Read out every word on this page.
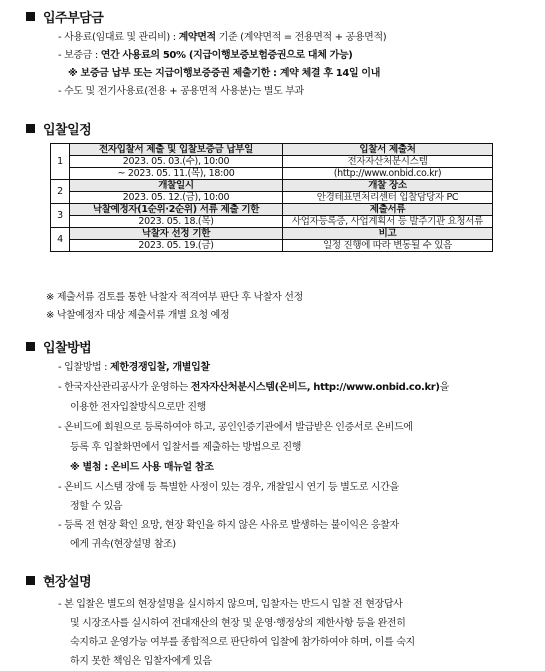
입주부담금
- 사용료(임대료 및 관리비) : 계약면적 기준 (계약면적 = 전용면적 + 공용면적)
- 보증금 : 연간 사용료의 50% (지급이행보증보험증권으로 대체 가능)
※ 보증금 납부 또는 지급이행보증증권 제출기한 : 계약 체결 후 14일 이내
- 수도 및 전기사용료(전용 + 공용면적 사용분)는 별도 부과
입찰일정
1	전자입찰서 제출 및 입찰보증금 납부일	입찰서 제출처
	2023. 05. 03.(수), 10:00	전자자산처분시스템
	~ 2023. 05. 11.(목), 18:00	(http://www.onbid.co.kr)
2	개찰일시	개찰 장소
	2023. 05. 12.(금), 10:00	안경테표면처리센터 입찰담당자 PC
3	낙찰예정자(1순위·2순위) 서류 제출 기한	제출서류
	2023. 05. 18.(목)	사업자등록증, 사업계획서 등 발주기관 요청서류
4	낙찰자 선정 기한	비고
	2023. 05. 19.(금)	일정 진행에 따라 변동될 수 있음
※ 제출서류 검토를 통한 낙찰자 적격여부 판단 후 낙찰자 선정
※ 낙찰예정자 대상 제출서류 개별 요청 예정
입찰방법
- 입찰방법 : 제한경쟁입찰, 개별입찰
- 한국자산관리공사가 운영하는 전자자산처분시스템(온비드, http://www.onbid.co.kr)을
이용한 전자입찰방식으로만 진행
- 온비드에 회원으로 등록하여야 하고, 공인인증기관에서 발급받은 인증서로 온비드에
등록 후 입찰화면에서 입찰서를 제출하는 방법으로 진행
※ 별첨 : 온비드 사용 매뉴얼 참조
- 온비드 시스템 장애 등 특별한 사정이 있는 경우, 개찰일시 연기 등 별도로 시간을
정할 수 있음
- 등록 전 현장 확인 요망, 현장 확인을 하지 않은 사유로 발생하는 불이익은 응찰자
에게 귀속(현장설명 참조)
현장설명
- 본 입찰은 별도의 현장설명을 실시하지 않으며, 입찰자는 반드시 입찰 전 현장답사
및 시장조사를 실시하여 전대재산의 현장 및 운영·행정상의 제한사항 등을 완전히
숙지하고 운영가능 여부를 종합적으로 판단하여 입찰에 참가하여야 하며, 이를 숙지
하지 못한 책임은 입찰자에게 있음
